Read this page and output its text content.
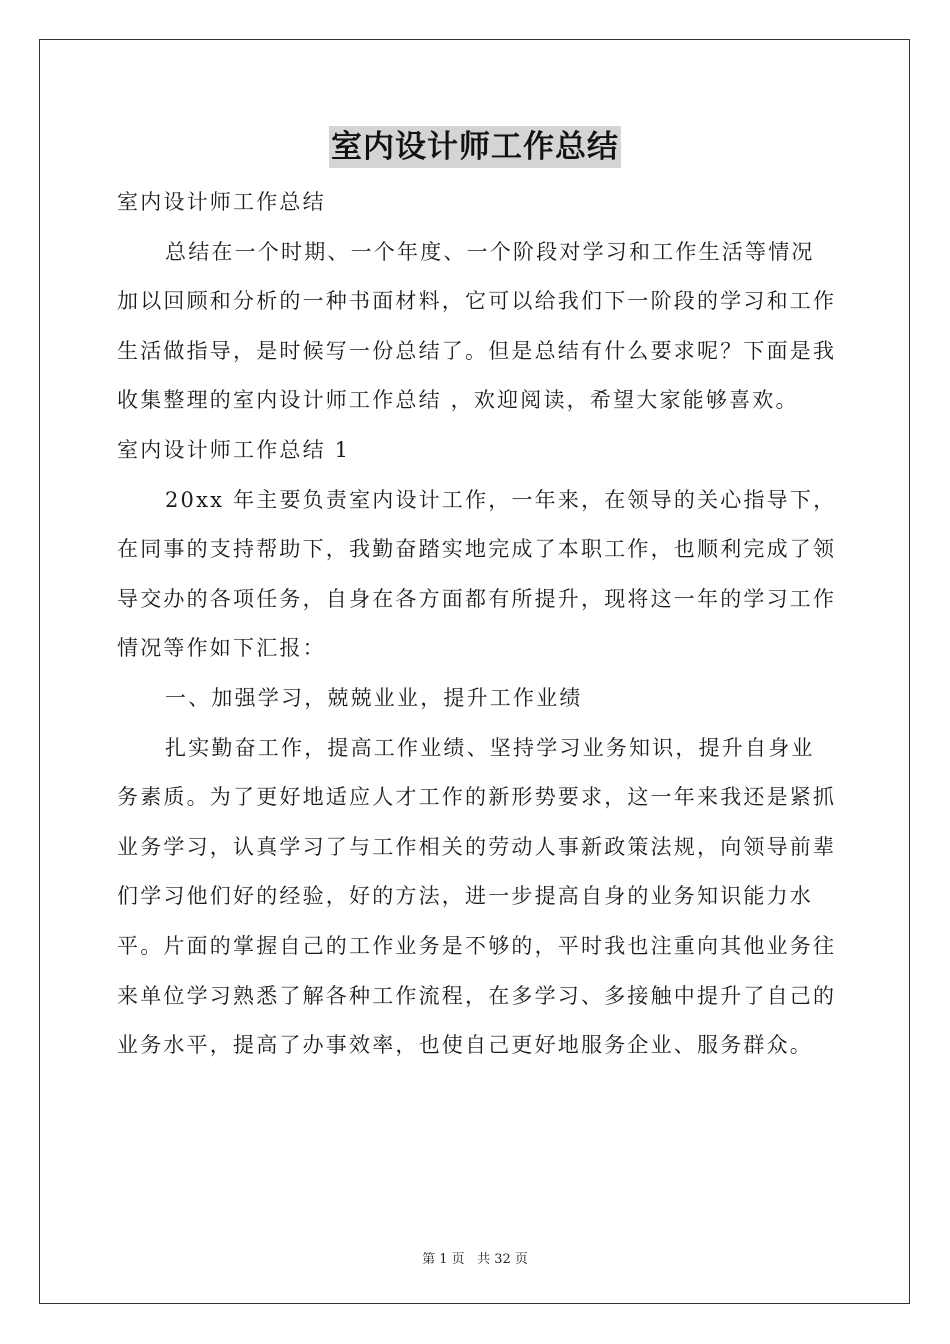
室内设计师工作总结

室内设计师工作总结

总结在一个时期、一个年度、一个阶段对学习和工作生活等情况加以回顾和分析的一种书面材料，它可以给我们下一阶段的学习和工作生活做指导，是时候写一份总结了。但是总结有什么要求呢？下面是我收集整理的室内设计师工作总结 ，欢迎阅读，希望大家能够喜欢。

室内设计师工作总结 1

20xx 年主要负责室内设计工作，一年来，在领导的关心指导下，在同事的支持帮助下，我勤奋踏实地完成了本职工作，也顺利完成了领导交办的各项任务，自身在各方面都有所提升，现将这一年的学习工作情况等作如下汇报：

一、加强学习，兢兢业业，提升工作业绩

扎实勤奋工作，提高工作业绩、坚持学习业务知识，提升自身业务素质。为了更好地适应人才工作的新形势要求，这一年来我还是紧抓业务学习，认真学习了与工作相关的劳动人事新政策法规，向领导前辈们学习他们好的经验，好的方法，进一步提高自身的业务知识能力水平。片面的掌握自己的工作业务是不够的，平时我也注重向其他业务往来单位学习熟悉了解各种工作流程，在多学习、多接触中提升了自己的业务水平，提高了办事效率，也使自己更好地服务企业、服务群众。

第 1 页 共 32 页
